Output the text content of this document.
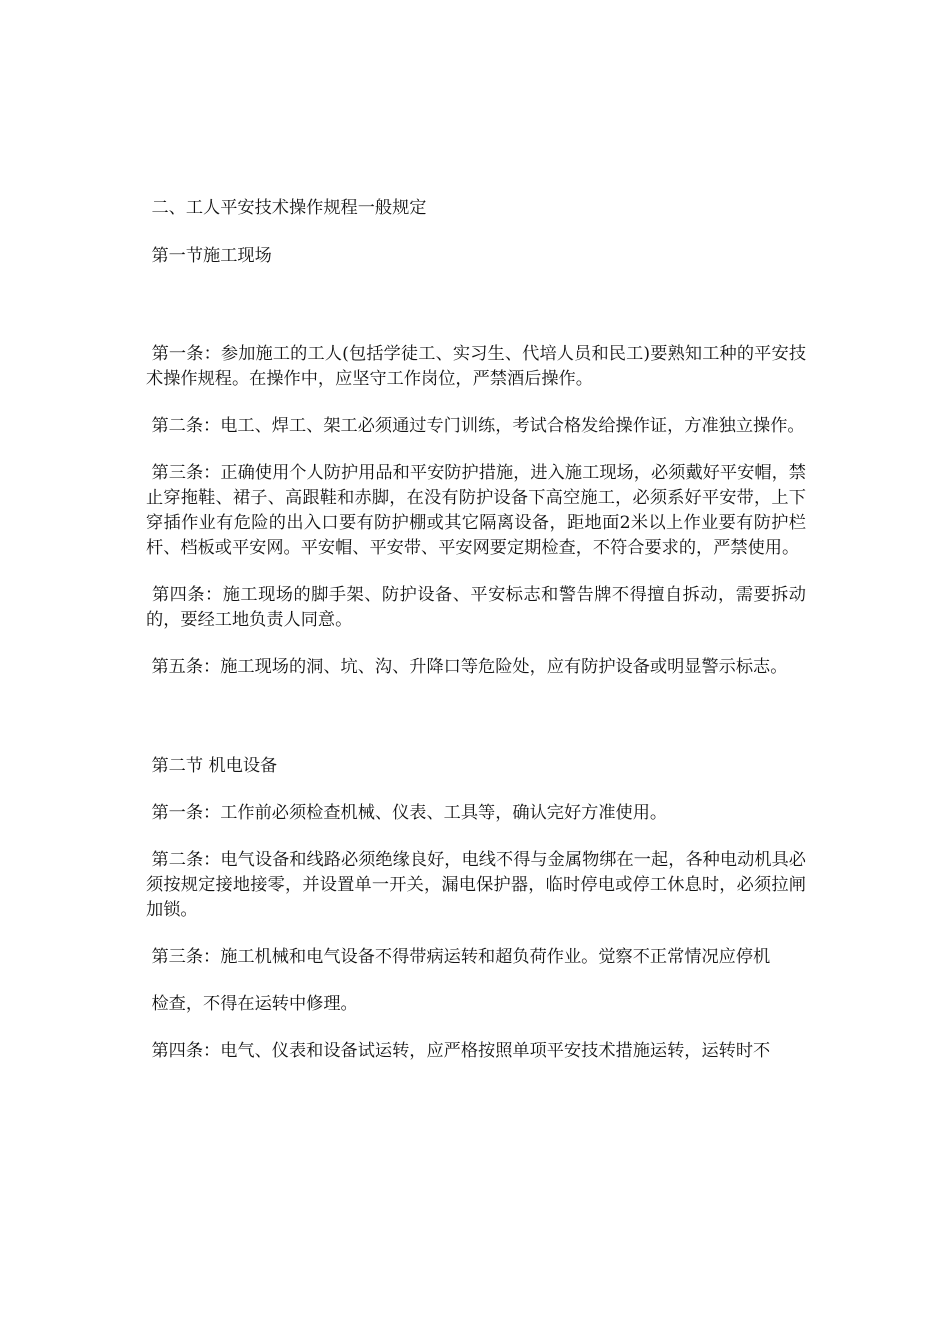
二、工人平安技术操作规程一般规定

第一节施工现场

第一条：参加施工的工人(包括学徒工、实习生、代培人员和民工)要熟知工种的平安技术操作规程。在操作中，应坚守工作岗位，严禁酒后操作。

第二条：电工、焊工、架工必须通过专门训练，考试合格发给操作证，方准独立操作。

第三条：正确使用个人防护用品和平安防护措施，进入施工现场，必须戴好平安帽，禁止穿拖鞋、裙子、高跟鞋和赤脚，在没有防护设备下高空施工，必须系好平安带，上下穿插作业有危险的出入口要有防护棚或其它隔离设备，距地面2米以上作业要有防护栏杆、档板或平安网。平安帽、平安带、平安网要定期检查，不符合要求的，严禁使用。

第四条：施工现场的脚手架、防护设备、平安标志和警告牌不得擅自拆动，需要拆动的，要经工地负责人同意。

第五条：施工现场的洞、坑、沟、升降口等危险处，应有防护设备或明显警示标志。

第二节 机电设备

第一条：工作前必须检查机械、仪表、工具等，确认完好方准使用。

第二条：电气设备和线路必须绝缘良好，电线不得与金属物绑在一起，各种电动机具必须按规定接地接零，并设置单一开关，漏电保护器，临时停电或停工休息时，必须拉闸加锁。

第三条：施工机械和电气设备不得带病运转和超负荷作业。觉察不正常情况应停机

检查，不得在运转中修理。

第四条：电气、仪表和设备试运转，应严格按照单项平安技术措施运转，运转时不
